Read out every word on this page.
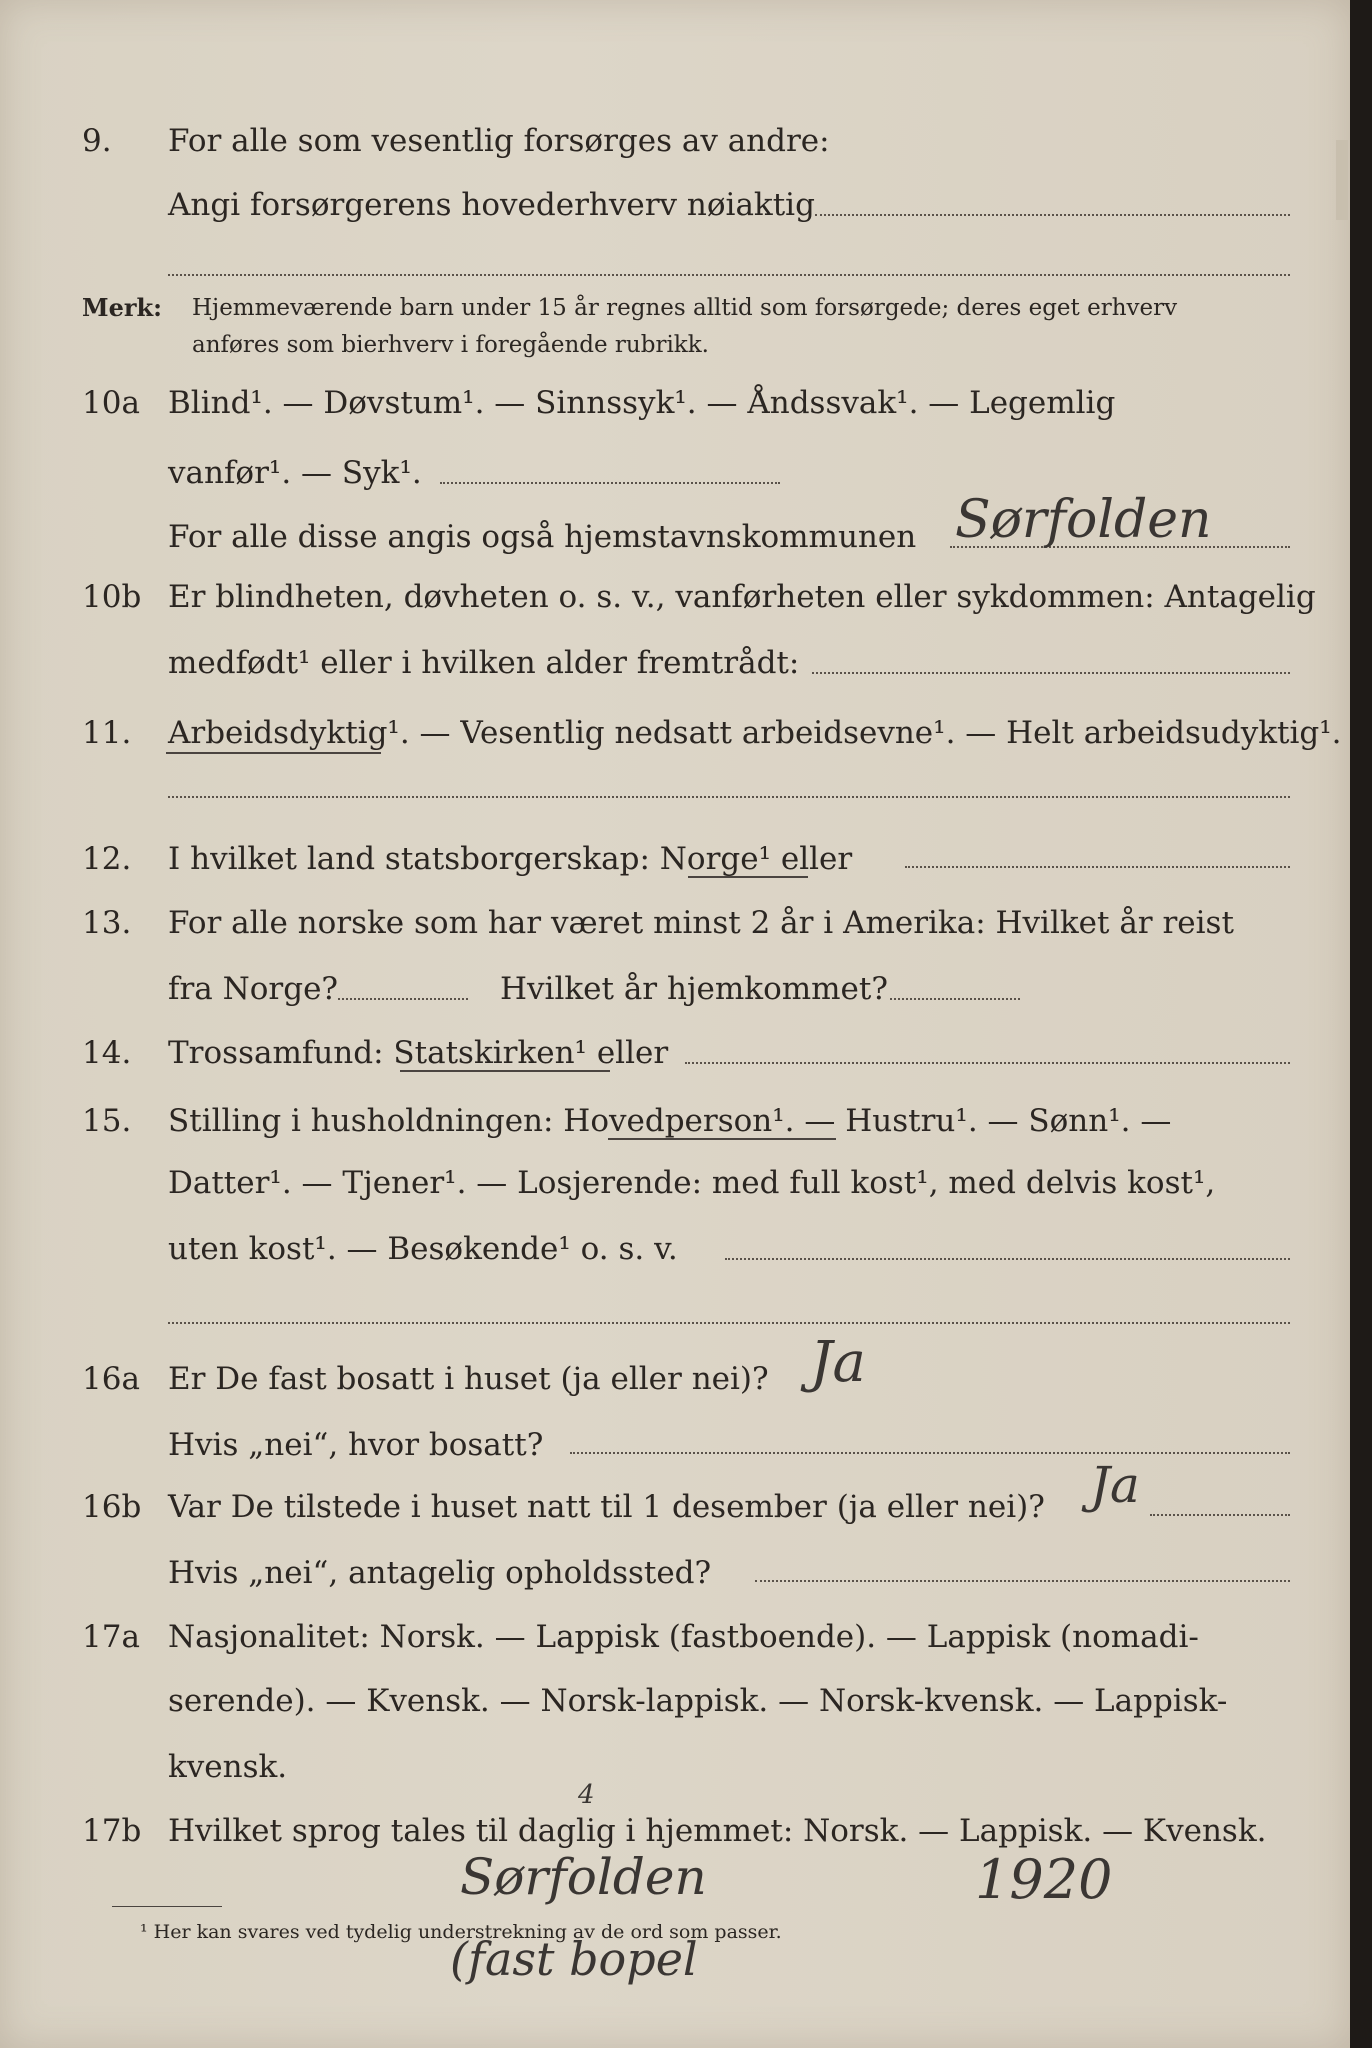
9. For alle som vesentlig forsørges av andre:
Angi forsørgerens hovederhverv nøiaktig
Merk: Hjemmeværende barn under 15 år regnes alltid som forsørgede; deres eget erhverv
anføres som bierhverv i foregående rubrikk.
10a Blind¹. — Døvstum¹. — Sinnssyk¹. — Åndssvak¹. — Legemlig
vanfør¹. — Syk¹.
For alle disse angis også hjemstavnskommunen Sørfolden
10b Er blindheten, døvheten o. s. v., vanførheten eller sykdommen: Antagelig
medfødt¹ eller i hvilken alder fremtrådt:
11. Arbeidsdyktig¹. — Vesentlig nedsatt arbeidsevne¹. — Helt arbeidsudyktig¹.
12. I hvilket land statsborgerskap: Norge¹ eller
13. For alle norske som har været minst 2 år i Amerika: Hvilket år reist
fra Norge?	Hvilket år hjemkommet?
14. Trossamfund: Statskirken¹ eller
15. Stilling i husholdningen: Hovedperson¹. — Hustru¹. — Sønn¹. —
Datter¹. — Tjener¹. — Losjerende: med full kost¹, med delvis kost¹,
uten kost¹. — Besøkende¹ o. s. v.
16a Er De fast bosatt i huset (ja eller nei)? Ja
Hvis „nei“, hvor bosatt?
16b Var De tilstede i huset natt til 1 desember (ja eller nei)? Ja
Hvis „nei“, antagelig opholdssted?
17a Nasjonalitet: Norsk. — Lappisk (fastboende). — Lappisk (nomadi-
serende). — Kvensk. — Norsk-lappisk. — Norsk-kvensk. — Lappisk-
kvensk.
17b Hvilket sprog tales til daglig i hjemmet: Norsk. — Lappisk. — Kvensk.
4
Sørfolden	1920
(fast bopel
¹ Her kan svares ved tydelig understrekning av de ord som passer.
